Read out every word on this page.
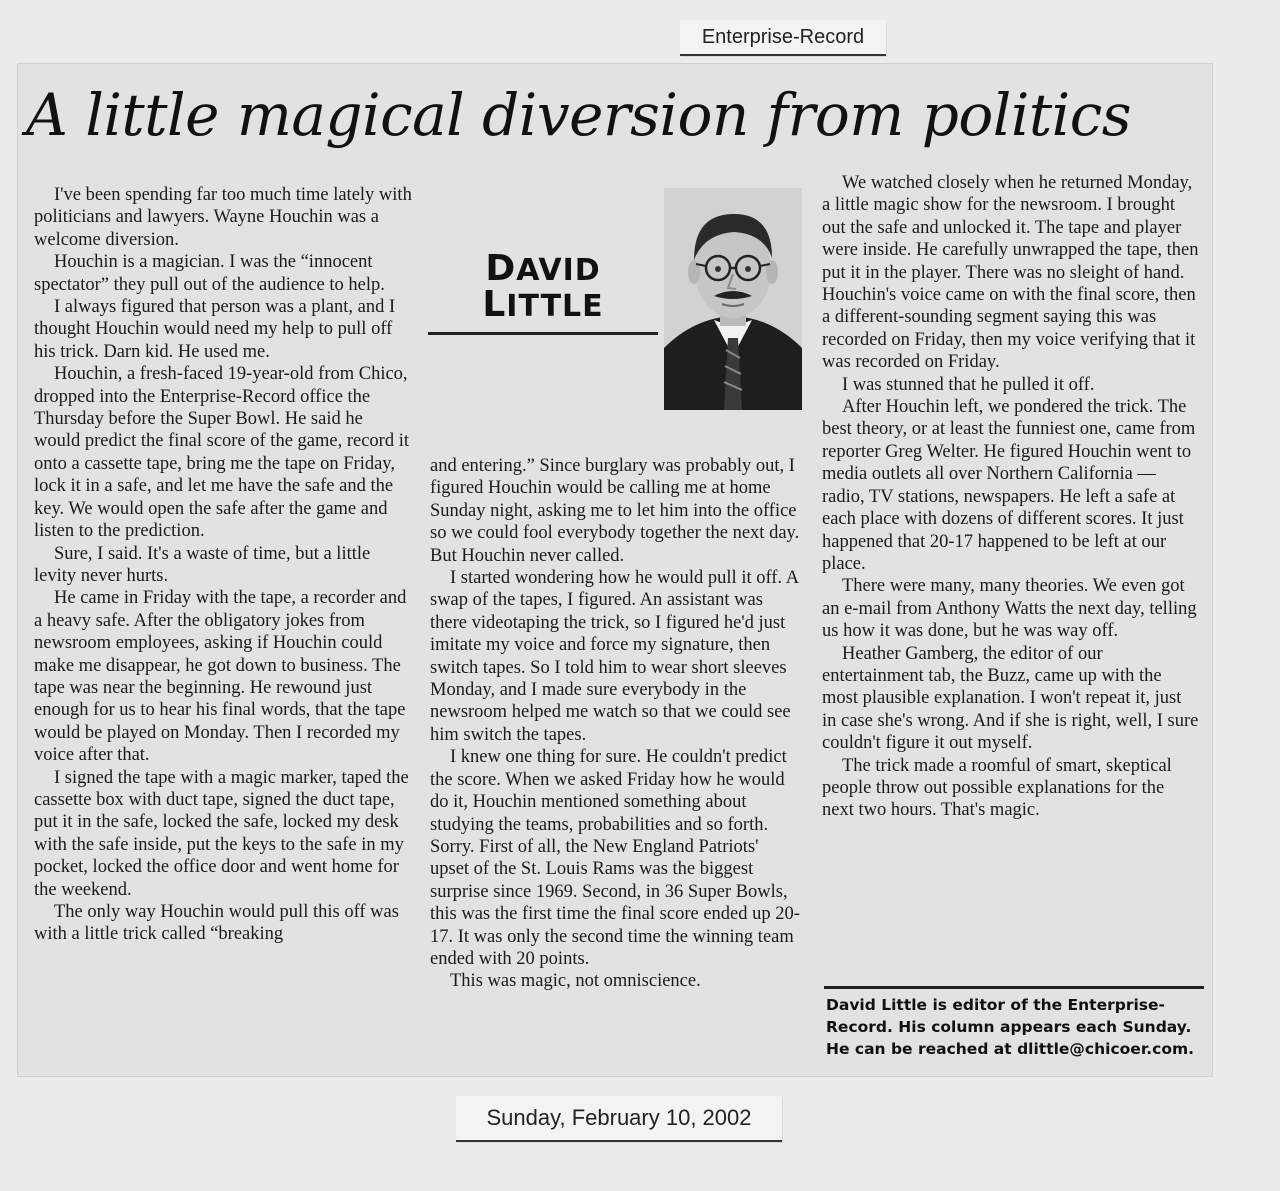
Enterprise-Record
A little magical diversion from politics

I've been spending far too much time lately with politicians and lawyers. Wayne Houchin was a welcome diversion.

Houchin is a magician. I was the “innocent spectator” they pull out of the audience to help.

I always figured that person was a plant, and I thought Houchin would need my help to pull off his trick. Darn kid. He used me.

Houchin, a fresh-faced 19-year-old from Chico, dropped into the Enterprise-Record office the Thursday before the Super Bowl. He said he would predict the final score of the game, record it onto a cassette tape, bring me the tape on Friday, lock it in a safe, and let me have the safe and the key. We would open the safe after the game and listen to the prediction.

Sure, I said. It's a waste of time, but a little levity never hurts.

He came in Friday with the tape, a recorder and a heavy safe. After the obligatory jokes from newsroom employees, asking if Houchin could make me disappear, he got down to business. The tape was near the beginning. He rewound just enough for us to hear his final words, that the tape would be played on Monday. Then I recorded my voice after that.

I signed the tape with a magic marker, taped the cassette box with duct tape, signed the duct tape, put it in the safe, locked the safe, locked my desk with the safe inside, put the keys to the safe in my pocket, locked the office door and went home for the weekend.

The only way Houchin would pull this off was with a little trick called “breaking

DAVID
LITTLE

and entering.” Since burglary was probably out, I figured Houchin would be calling me at home Sunday night, asking me to let him into the office so we could fool everybody together the next day. But Houchin never called.

I started wondering how he would pull it off. A swap of the tapes, I figured. An assistant was there videotaping the trick, so I figured he'd just imitate my voice and force my signature, then switch tapes. So I told him to wear short sleeves Monday, and I made sure everybody in the newsroom helped me watch so that we could see him switch the tapes.

I knew one thing for sure. He couldn't predict the score. When we asked Friday how he would do it, Houchin mentioned something about studying the teams, probabilities and so forth. Sorry. First of all, the New England Patriots' upset of the St. Louis Rams was the biggest surprise since 1969. Second, in 36 Super Bowls, this was the first time the final score ended up 20-17. It was only the second time the winning team ended with 20 points.

This was magic, not omniscience.

We watched closely when he returned Monday, a little magic show for the newsroom. I brought out the safe and unlocked it. The tape and player were inside. He carefully unwrapped the tape, then put it in the player. There was no sleight of hand. Houchin's voice came on with the final score, then a different-sounding segment saying this was recorded on Friday, then my voice verifying that it was recorded on Friday.

I was stunned that he pulled it off.

After Houchin left, we pondered the trick. The best theory, or at least the funniest one, came from reporter Greg Welter. He figured Houchin went to media outlets all over Northern California — radio, TV stations, newspapers. He left a safe at each place with dozens of different scores. It just happened that 20-17 happened to be left at our place.

There were many, many theories. We even got an e-mail from Anthony Watts the next day, telling us how it was done, but he was way off.

Heather Gamberg, the editor of our entertainment tab, the Buzz, came up with the most plausible explanation. I won't repeat it, just in case she's wrong. And if she is right, well, I sure couldn't figure it out myself.

The trick made a roomful of smart, skeptical people throw out possible explanations for the next two hours. That's magic.

David Little is editor of the Enterprise-Record. His column appears each Sunday. He can be reached at dlittle@chicoer.com.
Sunday, February 10, 2002
